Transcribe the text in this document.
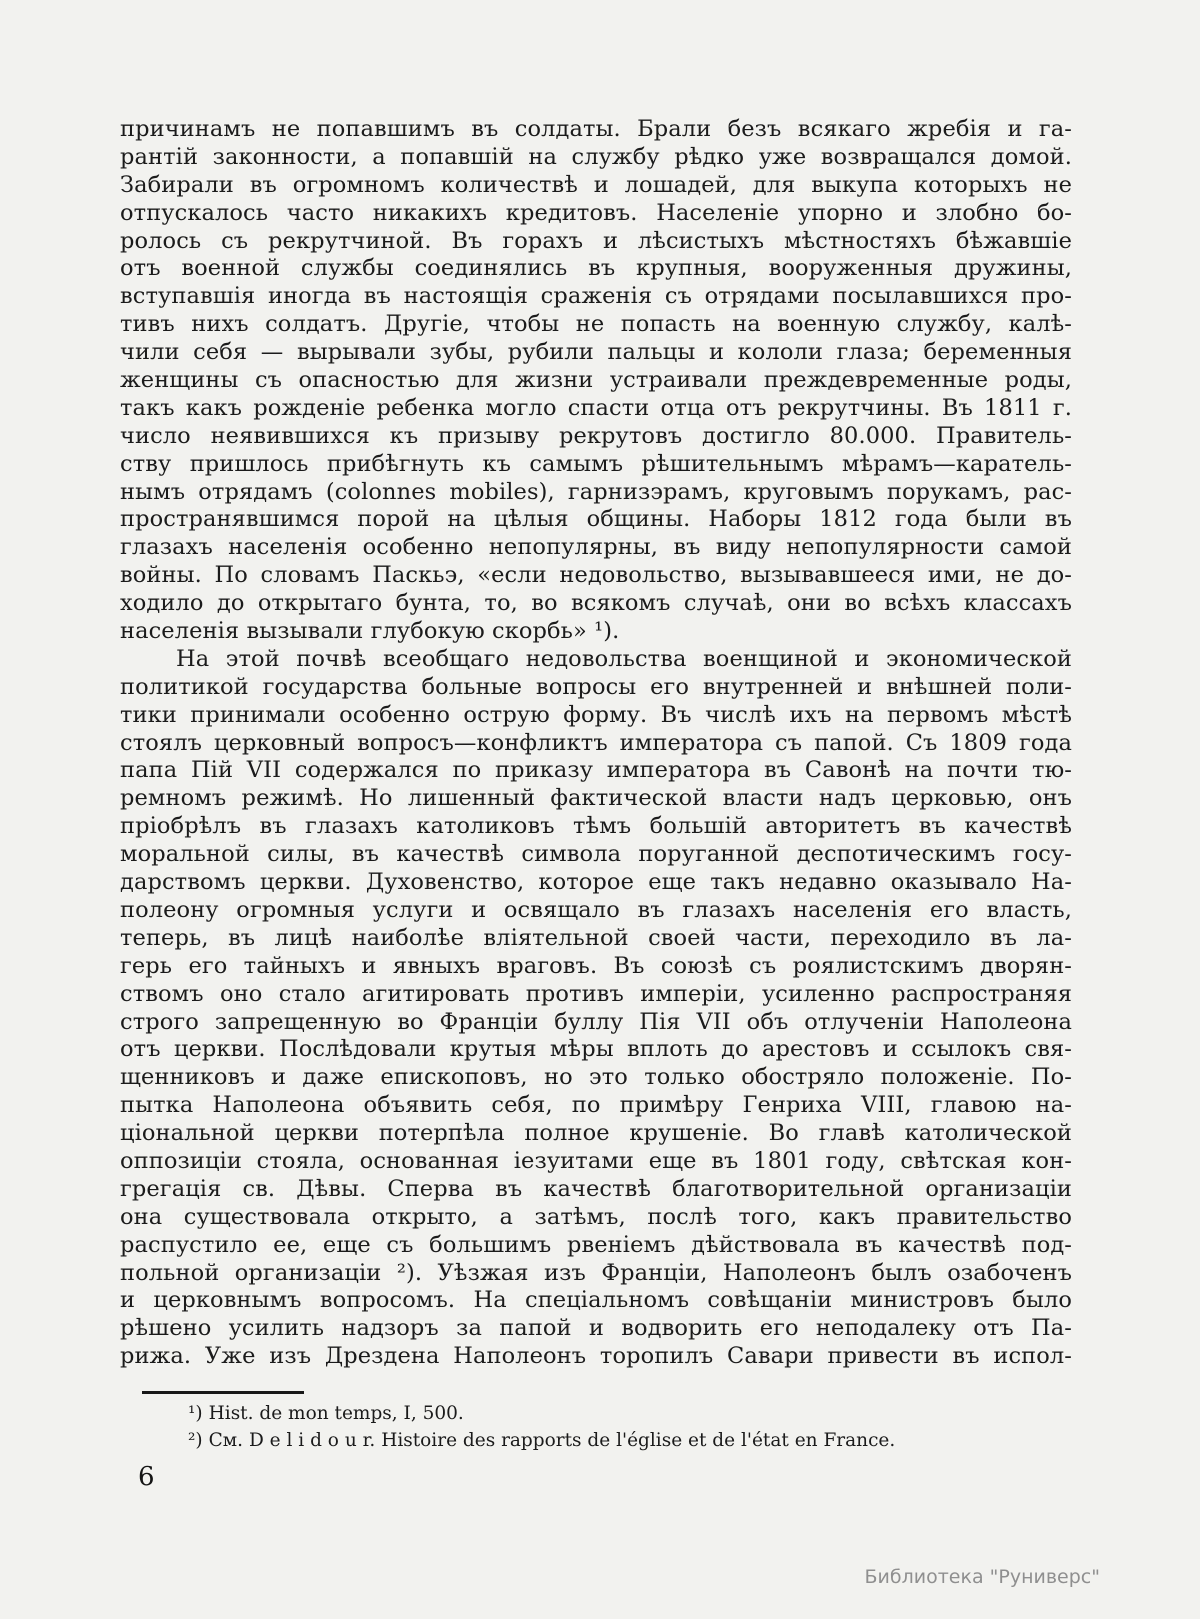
причинамъ не попавшимъ въ солдаты. Брали безъ всякаго жребія и га-
рантій законности, а попавшій на службу рѣдко уже возвращался домой.
Забирали въ огромномъ количествѣ и лошадей, для выкупа которыхъ не
отпускалось часто никакихъ кредитовъ. Населеніе упорно и злобно бо-
ролось съ рекрутчиной. Въ горахъ и лѣсистыхъ мѣстностяхъ бѣжавшіе
отъ военной службы соединялись въ крупныя, вооруженныя дружины,
вступавшія иногда въ настоящія сраженія съ отрядами посылавшихся про-
тивъ нихъ солдатъ. Другіе, чтобы не попасть на военную службу, калѣ-
чили себя — вырывали зубы, рубили пальцы и кололи глаза; беременныя
женщины съ опасностью для жизни устраивали преждевременные роды,
такъ какъ рожденіе ребенка могло спасти отца отъ рекрутчины. Въ 1811 г.
число неявившихся къ призыву рекрутовъ достигло 80.000. Правитель-
ству пришлось прибѣгнуть къ самымъ рѣшительнымъ мѣрамъ—каратель-
нымъ отрядамъ (colonnes mobiles), гарнизэрамъ, круговымъ порукамъ, рас-
пространявшимся порой на цѣлыя общины. Наборы 1812 года были въ
глазахъ населенія особенно непопулярны, въ виду непопулярности самой
войны. По словамъ Паскьэ, «если недовольство, вызывавшееся ими, не до-
ходило до открытаго бунта, то, во всякомъ случаѣ, они во всѣхъ классахъ
населенія вызывали глубокую скорбь» ¹).
На этой почвѣ всеобщаго недовольства военщиной и экономической
политикой государства больные вопросы его внутренней и внѣшней поли-
тики принимали особенно острую форму. Въ числѣ ихъ на первомъ мѣстѣ
стоялъ церковный вопросъ—конфликтъ императора съ папой. Съ 1809 года
папа Пій VII содержался по приказу императора въ Савонѣ на почти тю-
ремномъ режимѣ. Но лишенный фактической власти надъ церковью, онъ
пріобрѣлъ въ глазахъ католиковъ тѣмъ большій авторитетъ въ качествѣ
моральной силы, въ качествѣ символа поруганной деспотическимъ госу-
дарствомъ церкви. Духовенство, которое еще такъ недавно оказывало На-
полеону огромныя услуги и освящало въ глазахъ населенія его власть,
теперь, въ лицѣ наиболѣе вліятельной своей части, переходило въ ла-
герь его тайныхъ и явныхъ враговъ. Въ союзѣ съ роялистскимъ дворян-
ствомъ оно стало агитировать противъ имперіи, усиленно распространяя
строго запрещенную во Франціи буллу Пія VII объ отлученіи Наполеона
отъ церкви. Послѣдовали крутыя мѣры вплоть до арестовъ и ссылокъ свя-
щенниковъ и даже епископовъ, но это только обостряло положеніе. По-
пытка Наполеона объявить себя, по примѣру Генриха VIII, главою на-
ціональной церкви потерпѣла полное крушеніе. Во главѣ католической
оппозиціи стояла, основанная іезуитами еще въ 1801 году, свѣтская кон-
грегація св. Дѣвы. Сперва въ качествѣ благотворительной организаціи
она существовала открыто, а затѣмъ, послѣ того, какъ правительство
распустило ее, еще съ большимъ рвеніемъ дѣйствовала въ качествѣ под-
польной организаціи ²). Уѣзжая изъ Франціи, Наполеонъ былъ озабоченъ
и церковнымъ вопросомъ. На спеціальномъ совѣщаніи министровъ было
рѣшено усилить надзоръ за папой и водворить его неподалеку отъ Па-
рижа. Уже изъ Дрездена Наполеонъ торопилъ Савари привести въ испол-
¹) Hist. de mon temps, I, 500.
²) См. D e l i d o u r. Histoire des rapports de l'église et de l'état en France.
6
Библиотека "Руниверс"
